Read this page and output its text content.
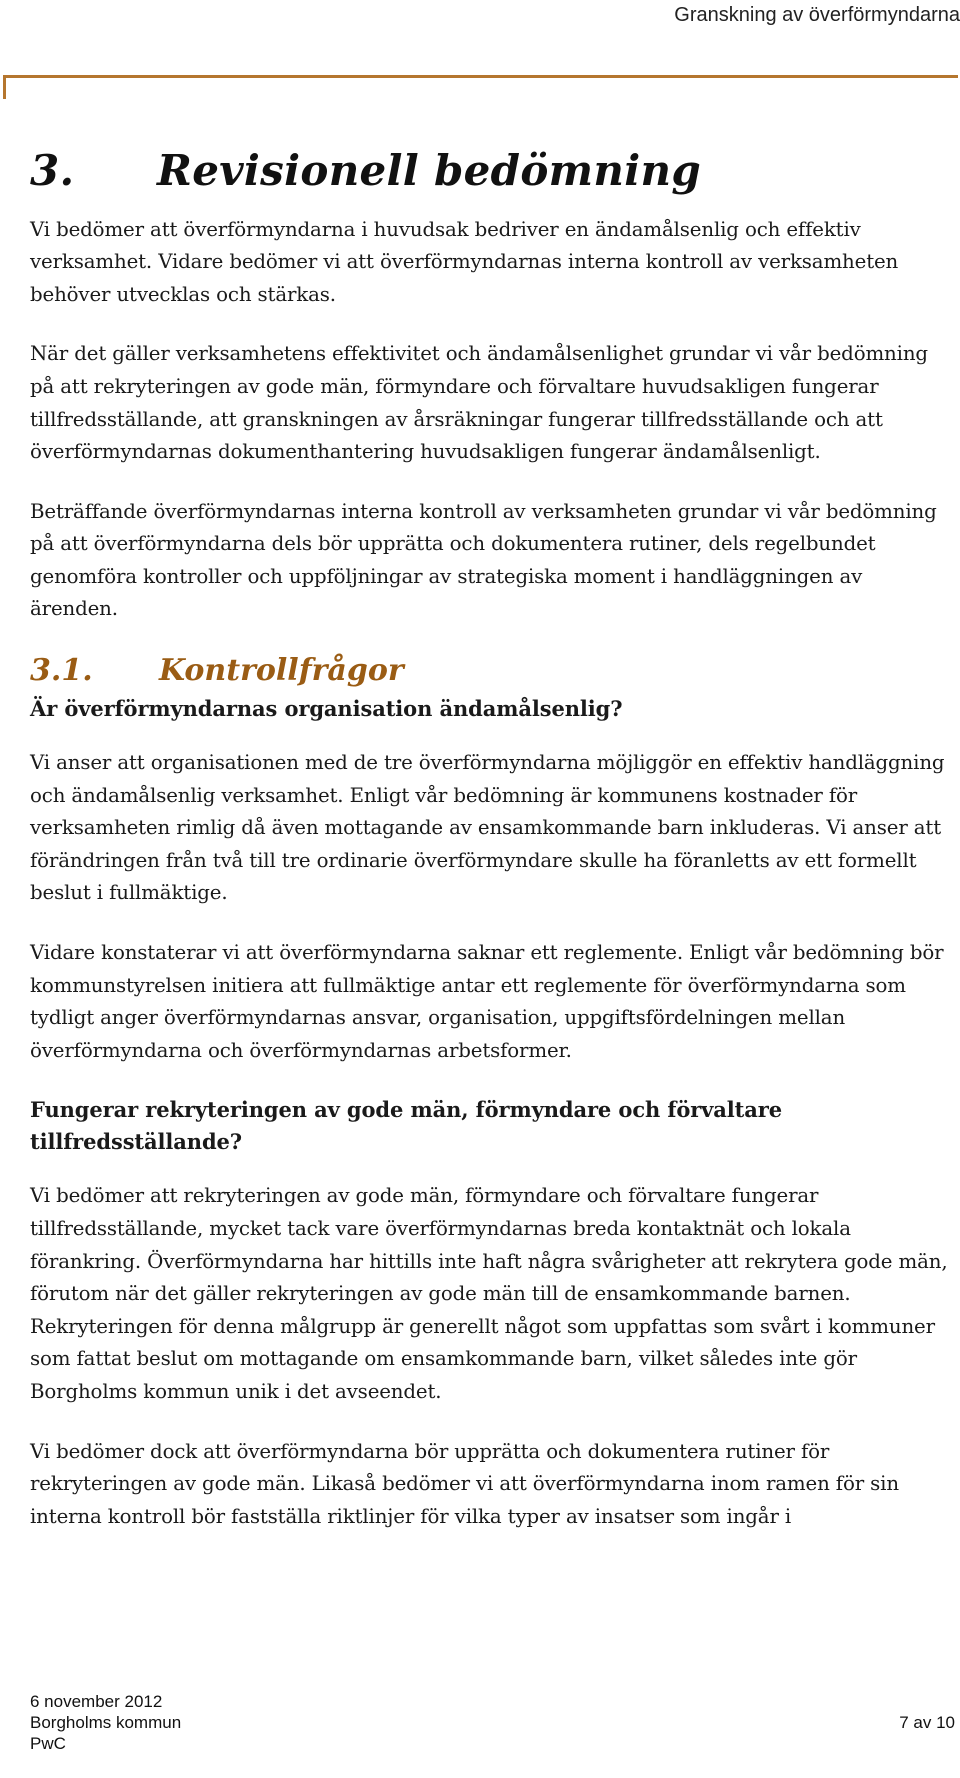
Granskning av överförmyndarna
3.	Revisionell bedömning

Vi bedömer att överförmyndarna i huvudsak bedriver en ändamålsenlig och effektiv verksamhet. Vidare bedömer vi att överförmyndarnas interna kontroll av verksamheten behöver utvecklas och stärkas.

När det gäller verksamhetens effektivitet och ändamålsenlighet grundar vi vår bedömning på att rekryteringen av gode män, förmyndare och förvaltare huvudsakligen fungerar tillfredsställande, att granskningen av årsräkningar fungerar tillfredsställande och att överförmyndarnas dokumenthantering huvudsakligen fungerar ändamålsenligt.

Beträffande överförmyndarnas interna kontroll av verksamheten grundar vi vår bedömning på att överförmyndarna dels bör upprätta och dokumentera rutiner, dels regelbundet genomföra kontroller och uppföljningar av strategiska moment i handläggningen av ärenden.

3.1.	Kontrollfrågor
Är överförmyndarnas organisation ändamålsenlig?

Vi anser att organisationen med de tre överförmyndarna möjliggör en effektiv handläggning och ändamålsenlig verksamhet. Enligt vår bedömning är kommunens kostnader för verksamheten rimlig då även mottagande av ensamkommande barn inkluderas. Vi anser att förändringen från två till tre ordinarie överförmyndare skulle ha föranletts av ett formellt beslut i fullmäktige.

Vidare konstaterar vi att överförmyndarna saknar ett reglemente. Enligt vår bedömning bör kommunstyrelsen initiera att fullmäktige antar ett reglemente för överförmyndarna som tydligt anger överförmyndarnas ansvar, organisation, uppgiftsfördelningen mellan överförmyndarna och överförmyndarnas arbetsformer.

Fungerar rekryteringen av gode män, förmyndare och förvaltare tillfredsställande?

Vi bedömer att rekryteringen av gode män, förmyndare och förvaltare fungerar tillfredsställande, mycket tack vare överförmyndarnas breda kontaktnät och lokala förankring. Överförmyndarna har hittills inte haft några svårigheter att rekrytera gode män, förutom när det gäller rekryteringen av gode män till de ensamkommande barnen. Rekryteringen för denna målgrupp är generellt något som uppfattas som svårt i kommuner som fattat beslut om mottagande om ensamkommande barn, vilket således inte gör Borgholms kommun unik i det avseendet.

Vi bedömer dock att överförmyndarna bör upprätta och dokumentera rutiner för rekryteringen av gode män. Likaså bedömer vi att överförmyndarna inom ramen för sin interna kontroll bör fastställa riktlinjer för vilka typer av insatser som ingår i

6 november 2012
Borgholms kommun
PwC
7 av 10
